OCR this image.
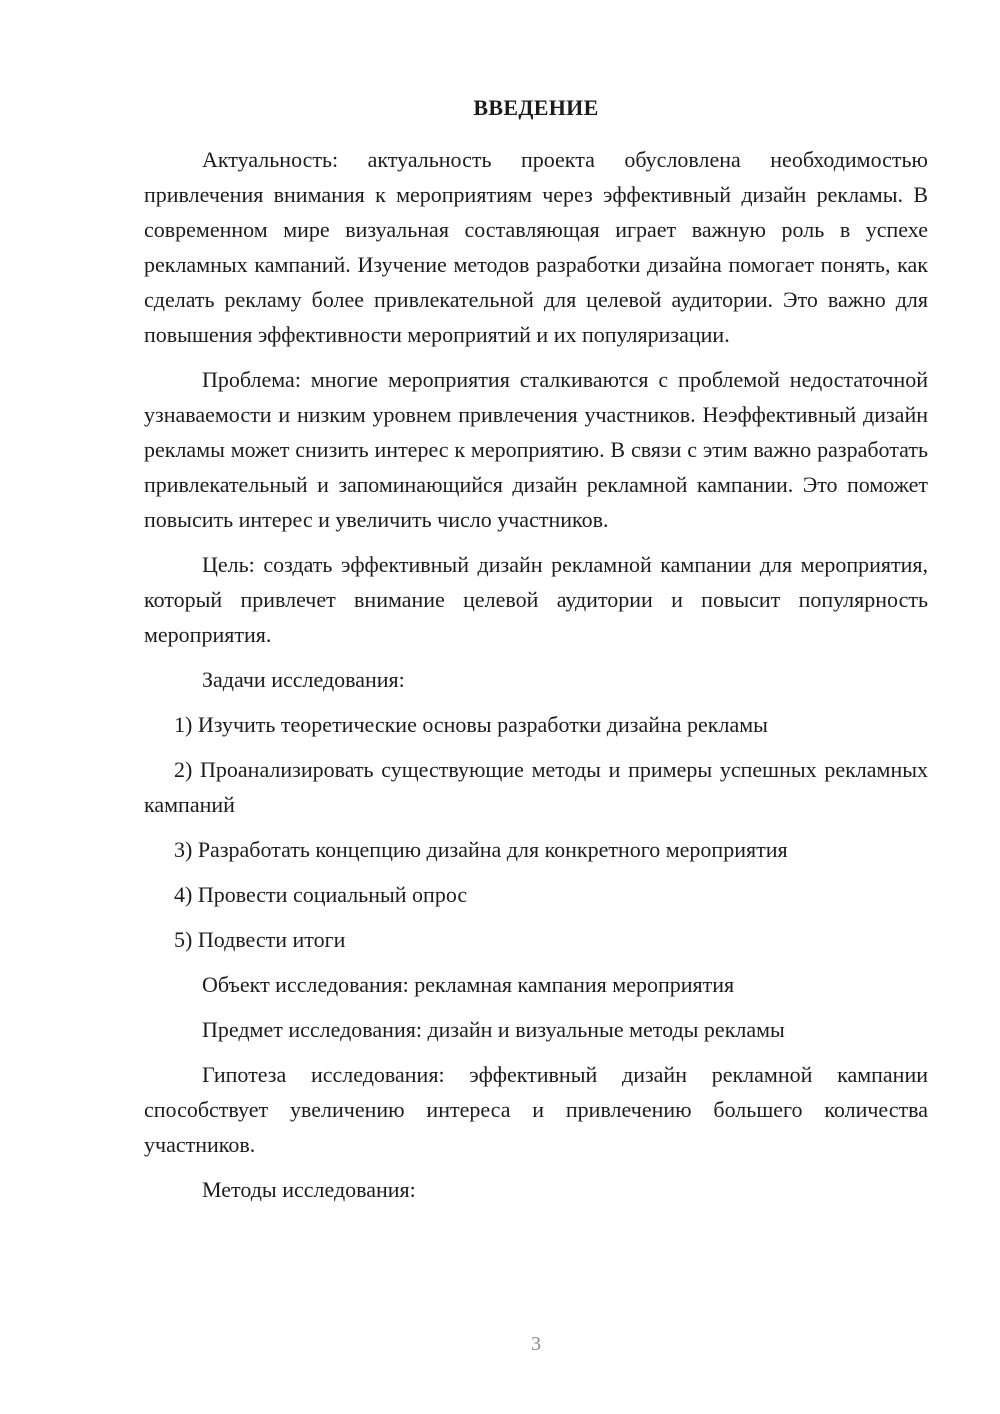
ВВЕДЕНИЕ

Актуальность: актуальность проекта обусловлена необходимостью привлечения внимания к мероприятиям через эффективный дизайн рекламы. В современном мире визуальная составляющая играет важную роль в успехе рекламных кампаний. Изучение методов разработки дизайна помогает понять, как сделать рекламу более привлекательной для целевой аудитории. Это важно для повышения эффективности мероприятий и их популяризации.

Проблема: многие мероприятия сталкиваются с проблемой недостаточной узнаваемости и низким уровнем привлечения участников. Неэффективный дизайн рекламы может снизить интерес к мероприятию. В связи с этим важно разработать привлекательный и запоминающийся дизайн рекламной кампании. Это поможет повысить интерес и увеличить число участников.

Цель: создать эффективный дизайн рекламной кампании для мероприятия, который привлечет внимание целевой аудитории и повысит популярность мероприятия.

Задачи исследования:

1) Изучить теоретические основы разработки дизайна рекламы

2) Проанализировать существующие методы и примеры успешных рекламных кампаний

3) Разработать концепцию дизайна для конкретного мероприятия

4) Провести социальный опрос

5) Подвести итоги

Объект исследования: рекламная кампания мероприятия

Предмет исследования: дизайн и визуальные методы рекламы

Гипотеза исследования: эффективный дизайн рекламной кампании способствует увеличению интереса и привлечению большего количества участников.

Методы исследования:

3
